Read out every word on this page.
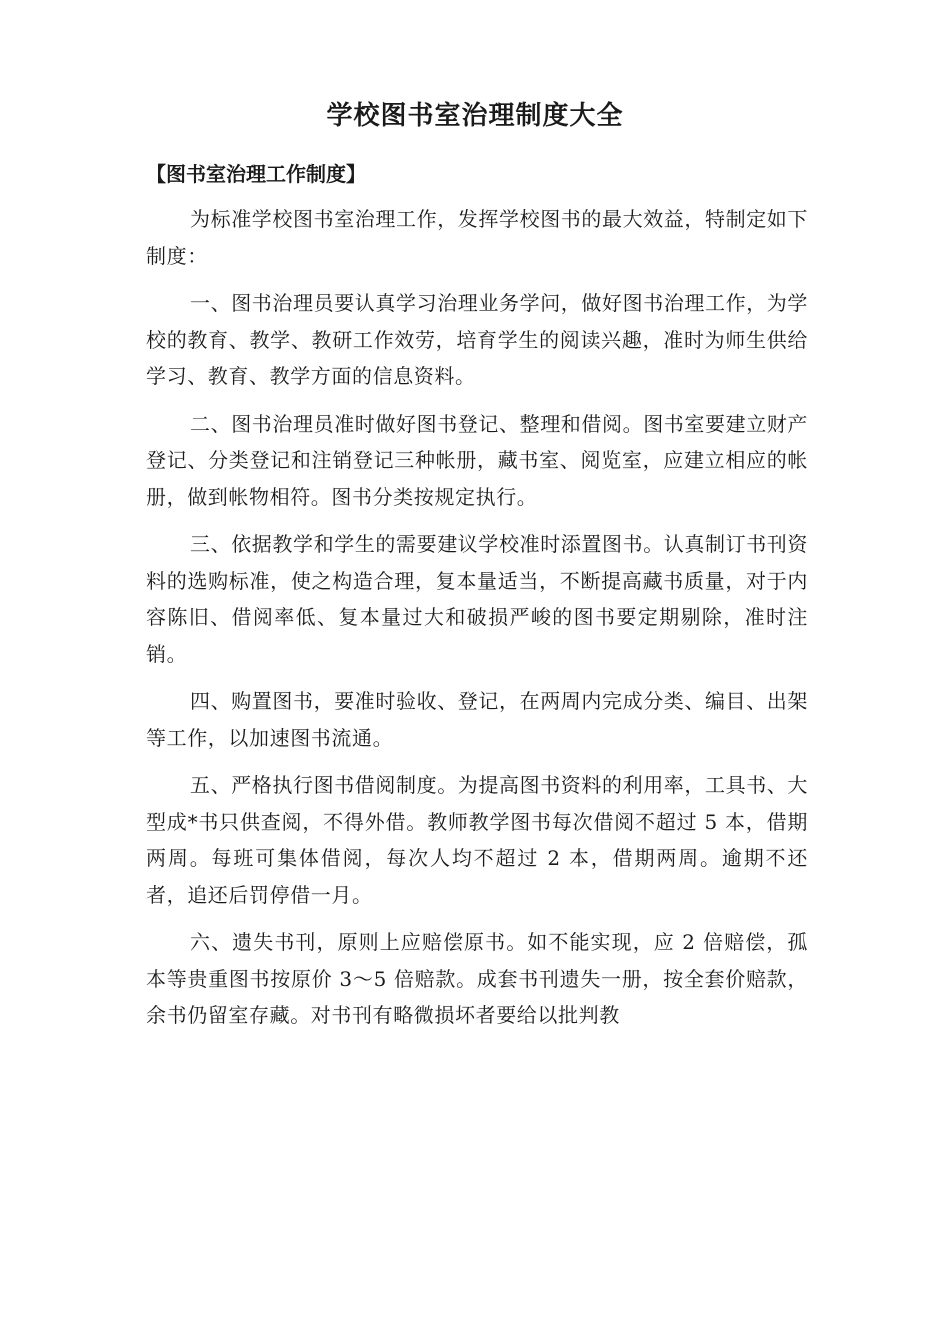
学校图书室治理制度大全
【图书室治理工作制度】

为标准学校图书室治理工作，发挥学校图书的最大效益，特制定如下制度：

一、图书治理员要认真学习治理业务学问，做好图书治理工作，为学校的教育、教学、教研工作效劳，培育学生的阅读兴趣，准时为师生供给学习、教育、教学方面的信息资料。

二、图书治理员准时做好图书登记、整理和借阅。图书室要建立财产登记、分类登记和注销登记三种帐册，藏书室、阅览室，应建立相应的帐册，做到帐物相符。图书分类按规定执行。

三、依据教学和学生的需要建议学校准时添置图书。认真制订书刊资料的选购标准，使之构造合理，复本量适当，不断提高藏书质量，对于内容陈旧、借阅率低、复本量过大和破损严峻的图书要定期剔除，准时注销。

四、购置图书，要准时验收、登记，在两周内完成分类、编目、出架等工作，以加速图书流通。

五、严格执行图书借阅制度。为提高图书资料的利用率，工具书、大型成*书只供查阅，不得外借。教师教学图书每次借阅不超过 5 本，借期两周。每班可集体借阅，每次人均不超过 2 本，借期两周。逾期不还者，追还后罚停借一月。

六、遗失书刊，原则上应赔偿原书。如不能实现，应 2 倍赔偿，孤本等贵重图书按原价 3～5 倍赔款。成套书刊遗失一册，按全套价赔款，余书仍留室存藏。对书刊有略微损坏者要给以批判教
